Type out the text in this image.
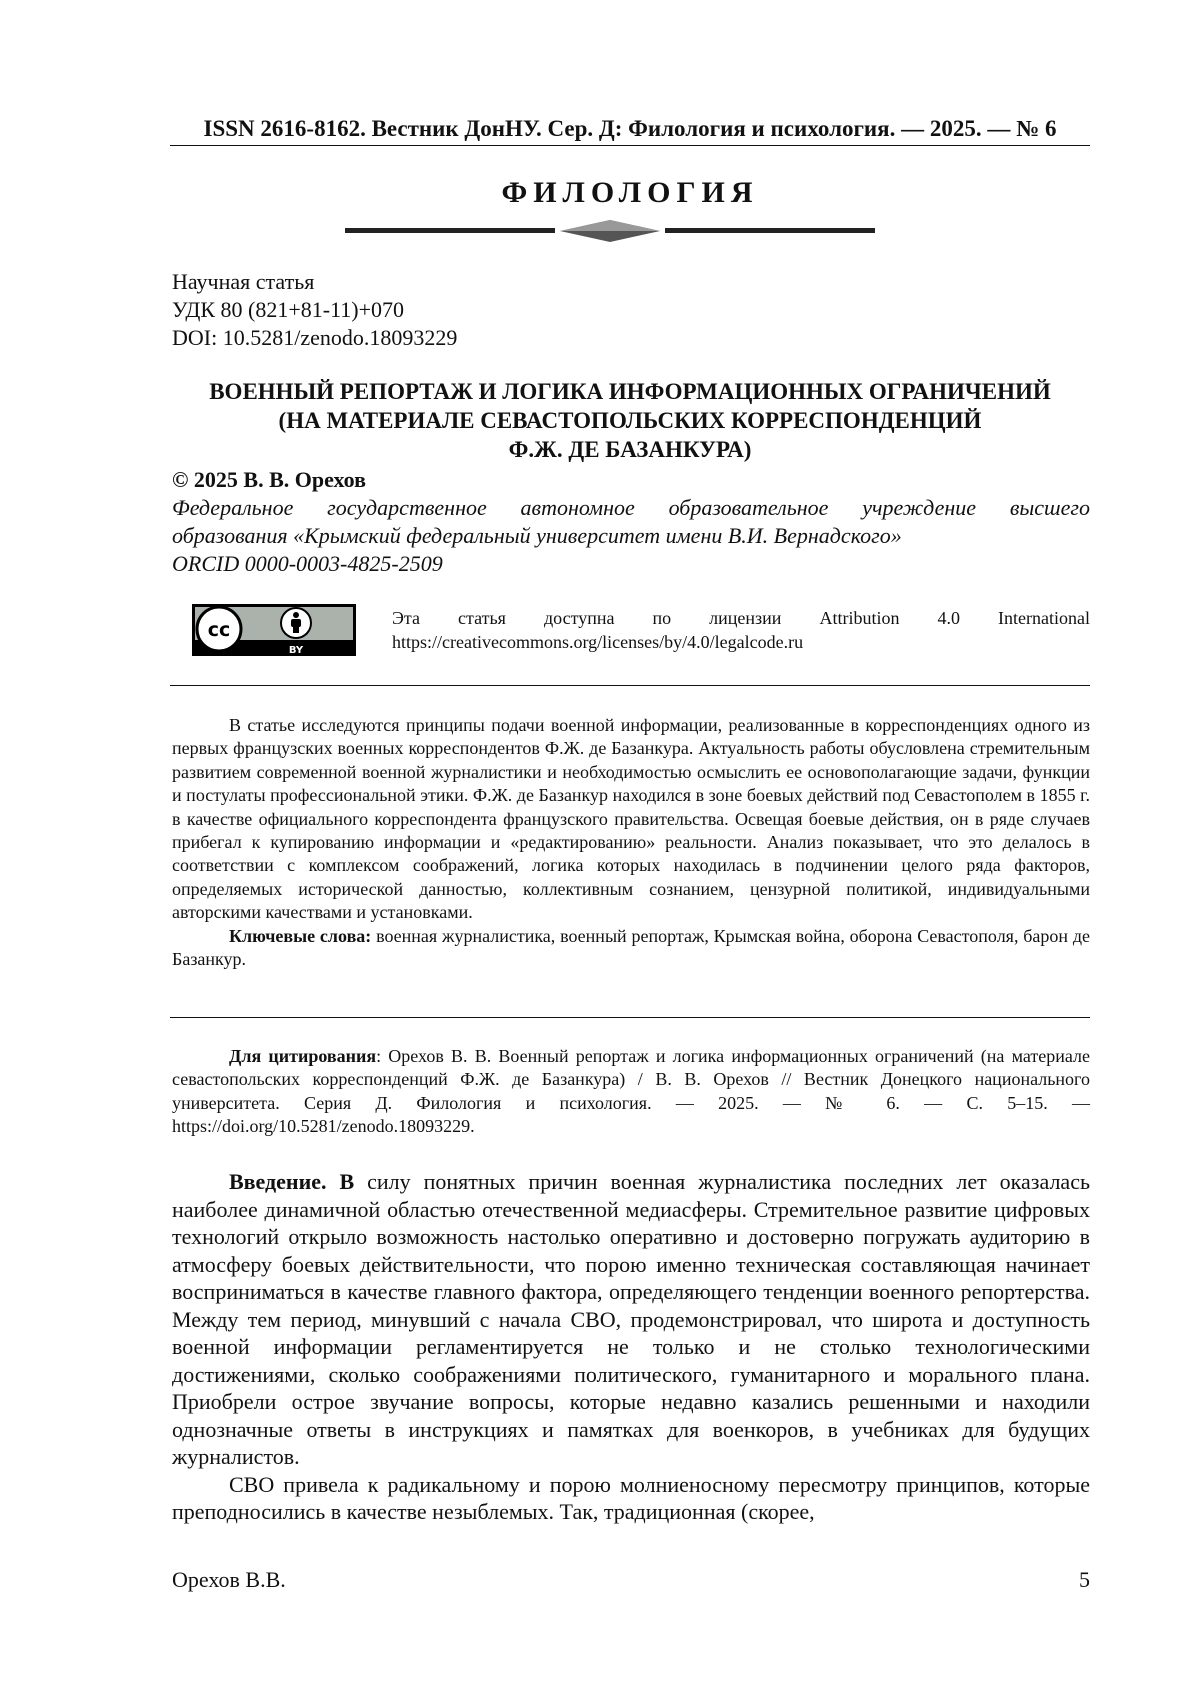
ISSN 2616-8162. Вестник ДонНУ. Сер. Д: Филология и психология. — 2025. — № 6
ФИЛОЛОГИЯ
Научная статья
УДК 80 (821+81-11)+070
DOI: 10.5281/zenodo.18093229
ВОЕННЫЙ РЕПОРТАЖ И ЛОГИКА ИНФОРМАЦИОННЫХ ОГРАНИЧЕНИЙ
(НА МАТЕРИАЛЕ СЕВАСТОПОЛЬСКИХ КОРРЕСПОНДЕНЦИЙ
Ф.Ж. ДЕ БАЗАНКУРА)
© 2025 В. В. Орехов
Федеральное государственное автономное образовательное учреждение высшего
образования «Крымский федеральный университет имени В.И. Вернадского»
ORCID 0000-0003-4825-2509
cc
BY
Эта статья доступна по лицензии Attribution 4.0 International
https://creativecommons.org/licenses/by/4.0/legalcode.ru

В статье исследуются принципы подачи военной информации, реализованные в корреспонденциях одного из первых французских военных корреспондентов Ф.Ж. де Базанкура. Актуальность работы обусловлена стремительным развитием современной военной журналистики и необходимостью осмыслить ее основополагающие задачи, функции и постулаты профессиональной этики. Ф.Ж. де Базанкур находился в зоне боевых действий под Севастополем в 1855 г. в качестве официального корреспондента французского правительства. Освещая боевые действия, он в ряде случаев прибегал к купированию информации и «редактированию» реальности. Анализ показывает, что это делалось в соответствии с комплексом соображений, логика которых находилась в подчинении целого ряда факторов, определяемых исторической данностью, коллективным сознанием, цензурной политикой, индивидуальными авторскими качествами и установками.

Ключевые слова: военная журналистика, военный репортаж, Крымская война, оборона Севастополя, барон де Базанкур.

Для цитирования: Орехов В. В. Военный репортаж и логика информационных ограничений (на материале севастопольских корреспонденций Ф.Ж. де Базанкура) / В. В. Орехов // Вестник Донецкого национального университета. Серия Д. Филология и психология. — 2025. — № 6. — С. 5–15. — https://doi.org/10.5281/zenodo.18093229.

Введение. В силу понятных причин военная журналистика последних лет оказалась наиболее динамичной областью отечественной медиасферы. Стремительное развитие цифровых технологий открыло возможность настолько оперативно и достоверно погружать аудиторию в атмосферу боевых действительности, что порою именно техническая составляющая начинает восприниматься в качестве главного фактора, определяющего тенденции военного репортерства. Между тем период, минувший с начала СВО, продемонстрировал, что широта и доступность военной информации регламентируется не только и не столько технологическими достижениями, сколько соображениями политического, гуманитарного и морального плана. Приобрели острое звучание вопросы, которые недавно казались решенными и находили однозначные ответы в инструкциях и памятках для военкоров, в учебниках для будущих журналистов.

СВО привела к радикальному и порою молниеносному пересмотру принципов, которые преподносились в качестве незыблемых. Так, традиционная (скорее,

Орехов В.В.	5
